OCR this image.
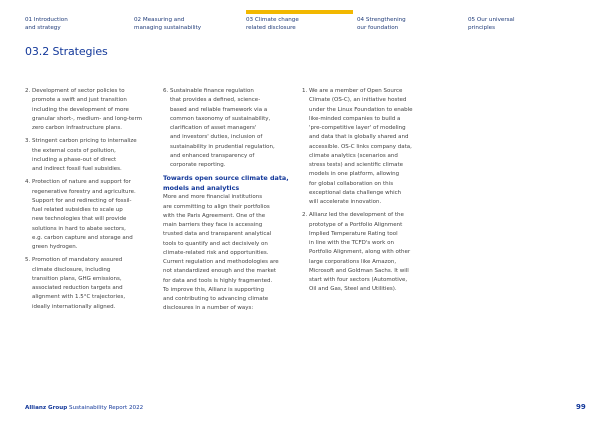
01 Introduction
and strategy
02 Measuring and
managing sustainability
03 Climate change
related disclosure
04 Strengthening
our foundation
05 Our universal
principles
03.2 Strategies
2. Development of sector policies to
promote a swift and just transition
including the development of more
granular short-, medium- and long-term
zero carbon infrastructure plans.
3. Stringent carbon pricing to internalize
the external costs of pollution,
including a phase-out of direct
and indirect fossil fuel subsidies.
4. Protection of nature and support for
regenerative forestry and agriculture.
Support for and redirecting of fossil-
fuel related subsidies to scale up
new technologies that will provide
solutions in hard to abate sectors,
e.g. carbon capture and storage and
green hydrogen.
5. Promotion of mandatory assured
climate disclosure, including
transition plans, GHG emissions,
associated reduction targets and
alignment with 1.5°C trajectories,
ideally internationally aligned.
6. Sustainable finance regulation
that provides a defined, science-
based and reliable framework via a
common taxonomy of sustainability,
clarification of asset managers'
and investors' duties, inclusion of
sustainability in prudential regulation,
and enhanced transparency of
corporate reporting.
Towards open source climate data,
models and analytics
More and more financial institutions
are committing to align their portfolios
with the Paris Agreement. One of the
main barriers they face is accessing
trusted data and transparent analytical
tools to quantify and act decisively on
climate-related risk and opportunities.
Current regulation and methodologies are
not standardized enough and the market
for data and tools is highly fragmented.
To improve this, Allianz is supporting
and contributing to advancing climate
disclosures in a number of ways:
1. We are a member of Open Source
Climate (OS-C), an initiative hosted
under the Linux Foundation to enable
like-minded companies to build a
'pre-competitive layer' of modeling
and data that is globally shared and
accessible. OS-C links company data,
climate analytics (scenarios and
stress tests) and scientific climate
models in one platform, allowing
for global collaboration on this
exceptional data challenge which
will accelerate innovation.
2. Allianz led the development of the
prototype of a Portfolio Alignment
Implied Temperature Rating tool
in line with the TCFD's work on
Portfolio Alignment, along with other
large corporations like Amazon,
Microsoft and Goldman Sachs. It will
start with four sectors (Automotive,
Oil and Gas, Steel and Utilities).
Allianz Group Sustainability Report 2022	99
